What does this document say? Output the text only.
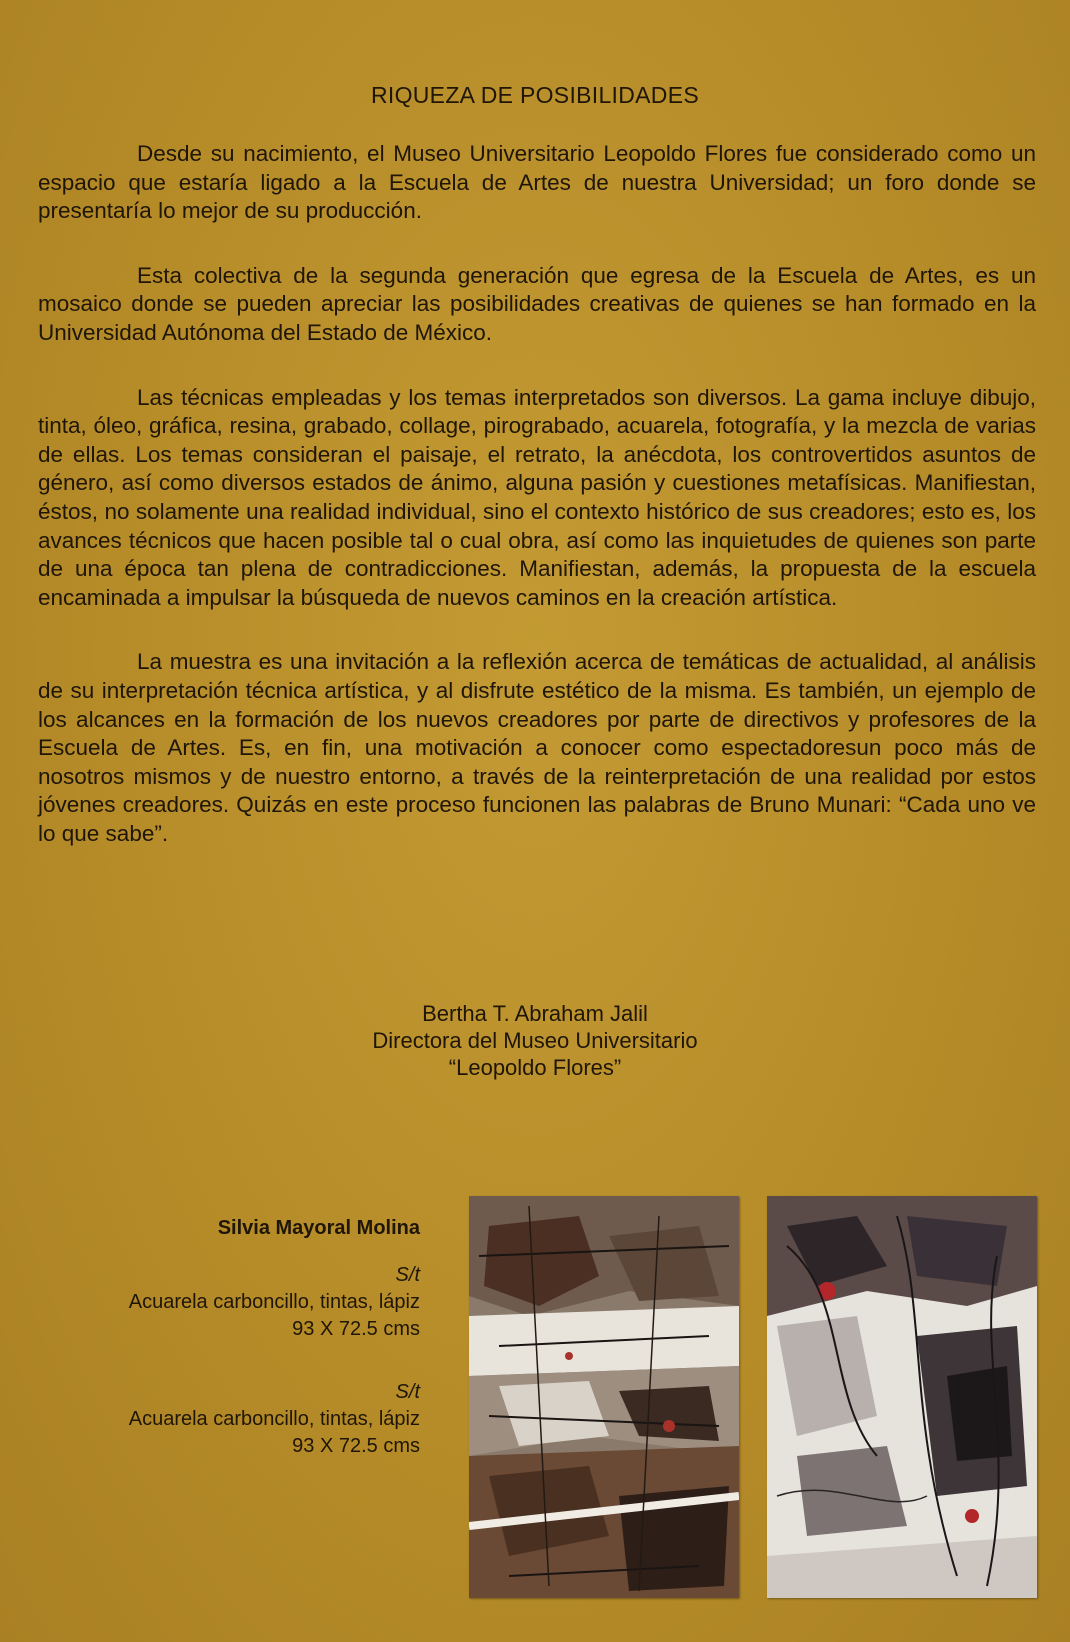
RIQUEZA DE POSIBILIDADES

Desde su nacimiento, el Museo Universitario Leopoldo Flores fue considerado como un espacio que estaría ligado a la Escuela de Artes de nuestra Universidad; un foro donde se presentaría lo mejor de su producción.

Esta colectiva de la segunda generación que egresa de la Escuela de Artes, es un mosaico donde se pueden apreciar las posibilidades creativas de quienes se han formado en la Universidad Autónoma del Estado de México.

Las técnicas empleadas y los temas interpretados son diversos. La gama incluye dibujo, tinta, óleo, gráfica, resina, grabado, collage, pirograbado, acuarela, fotografía, y la mezcla de varias de ellas. Los temas consideran el paisaje, el retrato, la anécdota, los controvertidos asuntos de género, así como diversos estados de ánimo, alguna pasión y cuestiones metafísicas. Manifiestan, éstos, no solamente una realidad individual, sino el contexto histórico de sus creadores; esto es, los avances técnicos que hacen posible tal o cual obra, así como las inquietudes de quienes son parte de una época tan plena de contradicciones. Manifiestan, además, la propuesta de la escuela encaminada a impulsar la búsqueda de nuevos caminos en la creación artística.

La muestra es una invitación a la reflexión acerca de temáticas de actualidad, al análisis de su interpretación técnica artística, y al disfrute estético de la misma. Es también, un ejemplo de los alcances en la formación de los nuevos creadores por parte de directivos y profesores de la Escuela de Artes. Es, en fin, una motivación a conocer como espectadoresun poco más de nosotros mismos y de nuestro entorno, a través de la reinterpretación de una realidad por estos jóvenes creadores. Quizás en este proceso funcionen las palabras de Bruno Munari: “Cada uno ve lo que sabe”.

Bertha T. Abraham Jalil
Directora del Museo Universitario
“Leopoldo Flores”
Silvia Mayoral Molina
S/t
Acuarela carboncillo, tintas, lápiz
93 X 72.5 cms
S/t
Acuarela carboncillo, tintas, lápiz
93 X 72.5 cms
